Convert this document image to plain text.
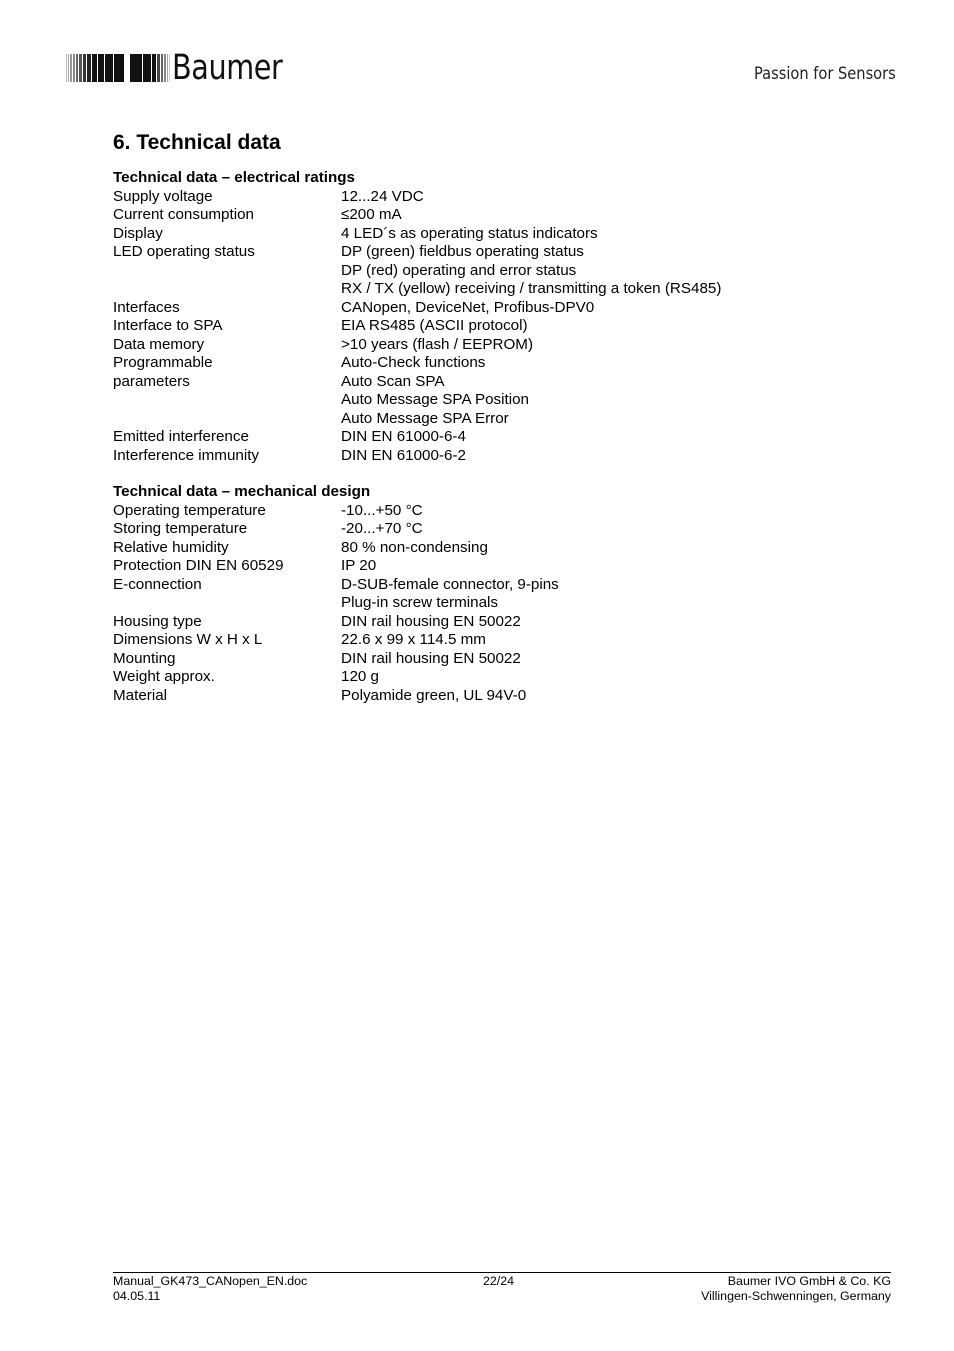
Baumer	Passion for Sensors
6. Technical data
Technical data – electrical ratings
Supply voltage	12...24 VDC
Current consumption	≤200 mA
Display	4 LED´s as operating status indicators
LED operating status	DP (green) fieldbus operating status
DP (red) operating and error status
RX / TX (yellow) receiving / transmitting a token (RS485)
Interfaces	CANopen, DeviceNet, Profibus-DPV0
Interface to SPA	EIA RS485 (ASCII protocol)
Data memory	>10 years (flash / EEPROM)
Programmable	Auto-Check functions
parameters	Auto Scan SPA
Auto Message SPA Position
Auto Message SPA Error
Emitted interference	DIN EN 61000-6-4
Interference immunity	DIN EN 61000-6-2
Technical data – mechanical design
Operating temperature	-10...+50 °C
Storing temperature	-20...+70 °C
Relative humidity	80 % non-condensing
Protection DIN EN 60529	IP 20
E-connection	D-SUB-female connector, 9-pins
Plug-in screw terminals
Housing type	DIN rail housing EN 50022
Dimensions W x H x L	22.6 x 99 x 114.5 mm
Mounting	DIN rail housing EN 50022
Weight approx.	120 g
Material	Polyamide green, UL 94V-0
Manual_GK473_CANopen_EN.doc
04.05.11
22/24	Baumer IVO GmbH & Co. KG
Villingen-Schwenningen, Germany
